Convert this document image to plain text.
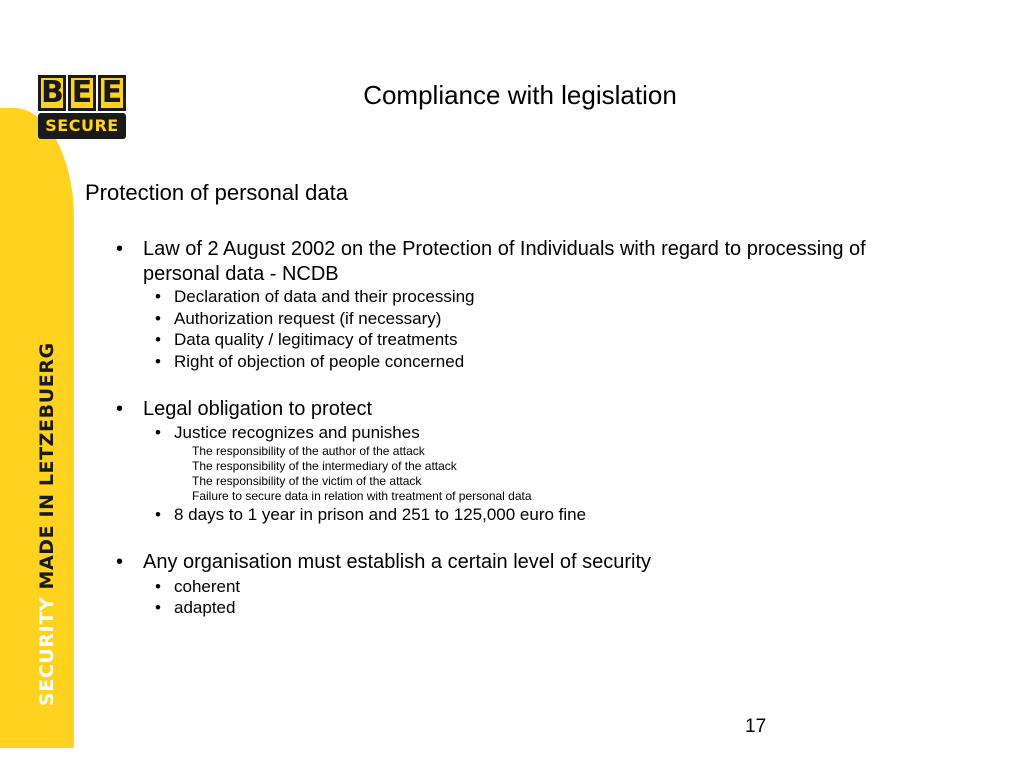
SECURITY MADE IN LETZEBUERG
B E E
SECURE
Compliance with legislation
Protection of personal data
• Law of 2 August 2002 on the Protection of Individuals with regard to processing of
personal data - NCDB
• Declaration of data and their processing
• Authorization request (if necessary)
• Data quality / legitimacy of treatments
• Right of objection of people concerned
• Legal obligation to protect
• Justice recognizes and punishes
The responsibility of the author of the attack
The responsibility of the intermediary of the attack
The responsibility of the victim of the attack
Failure to secure data in relation with treatment of personal data
• 8 days to 1 year in prison and 251 to 125,000 euro fine
• Any organisation must establish a certain level of security
• coherent
• adapted
17
